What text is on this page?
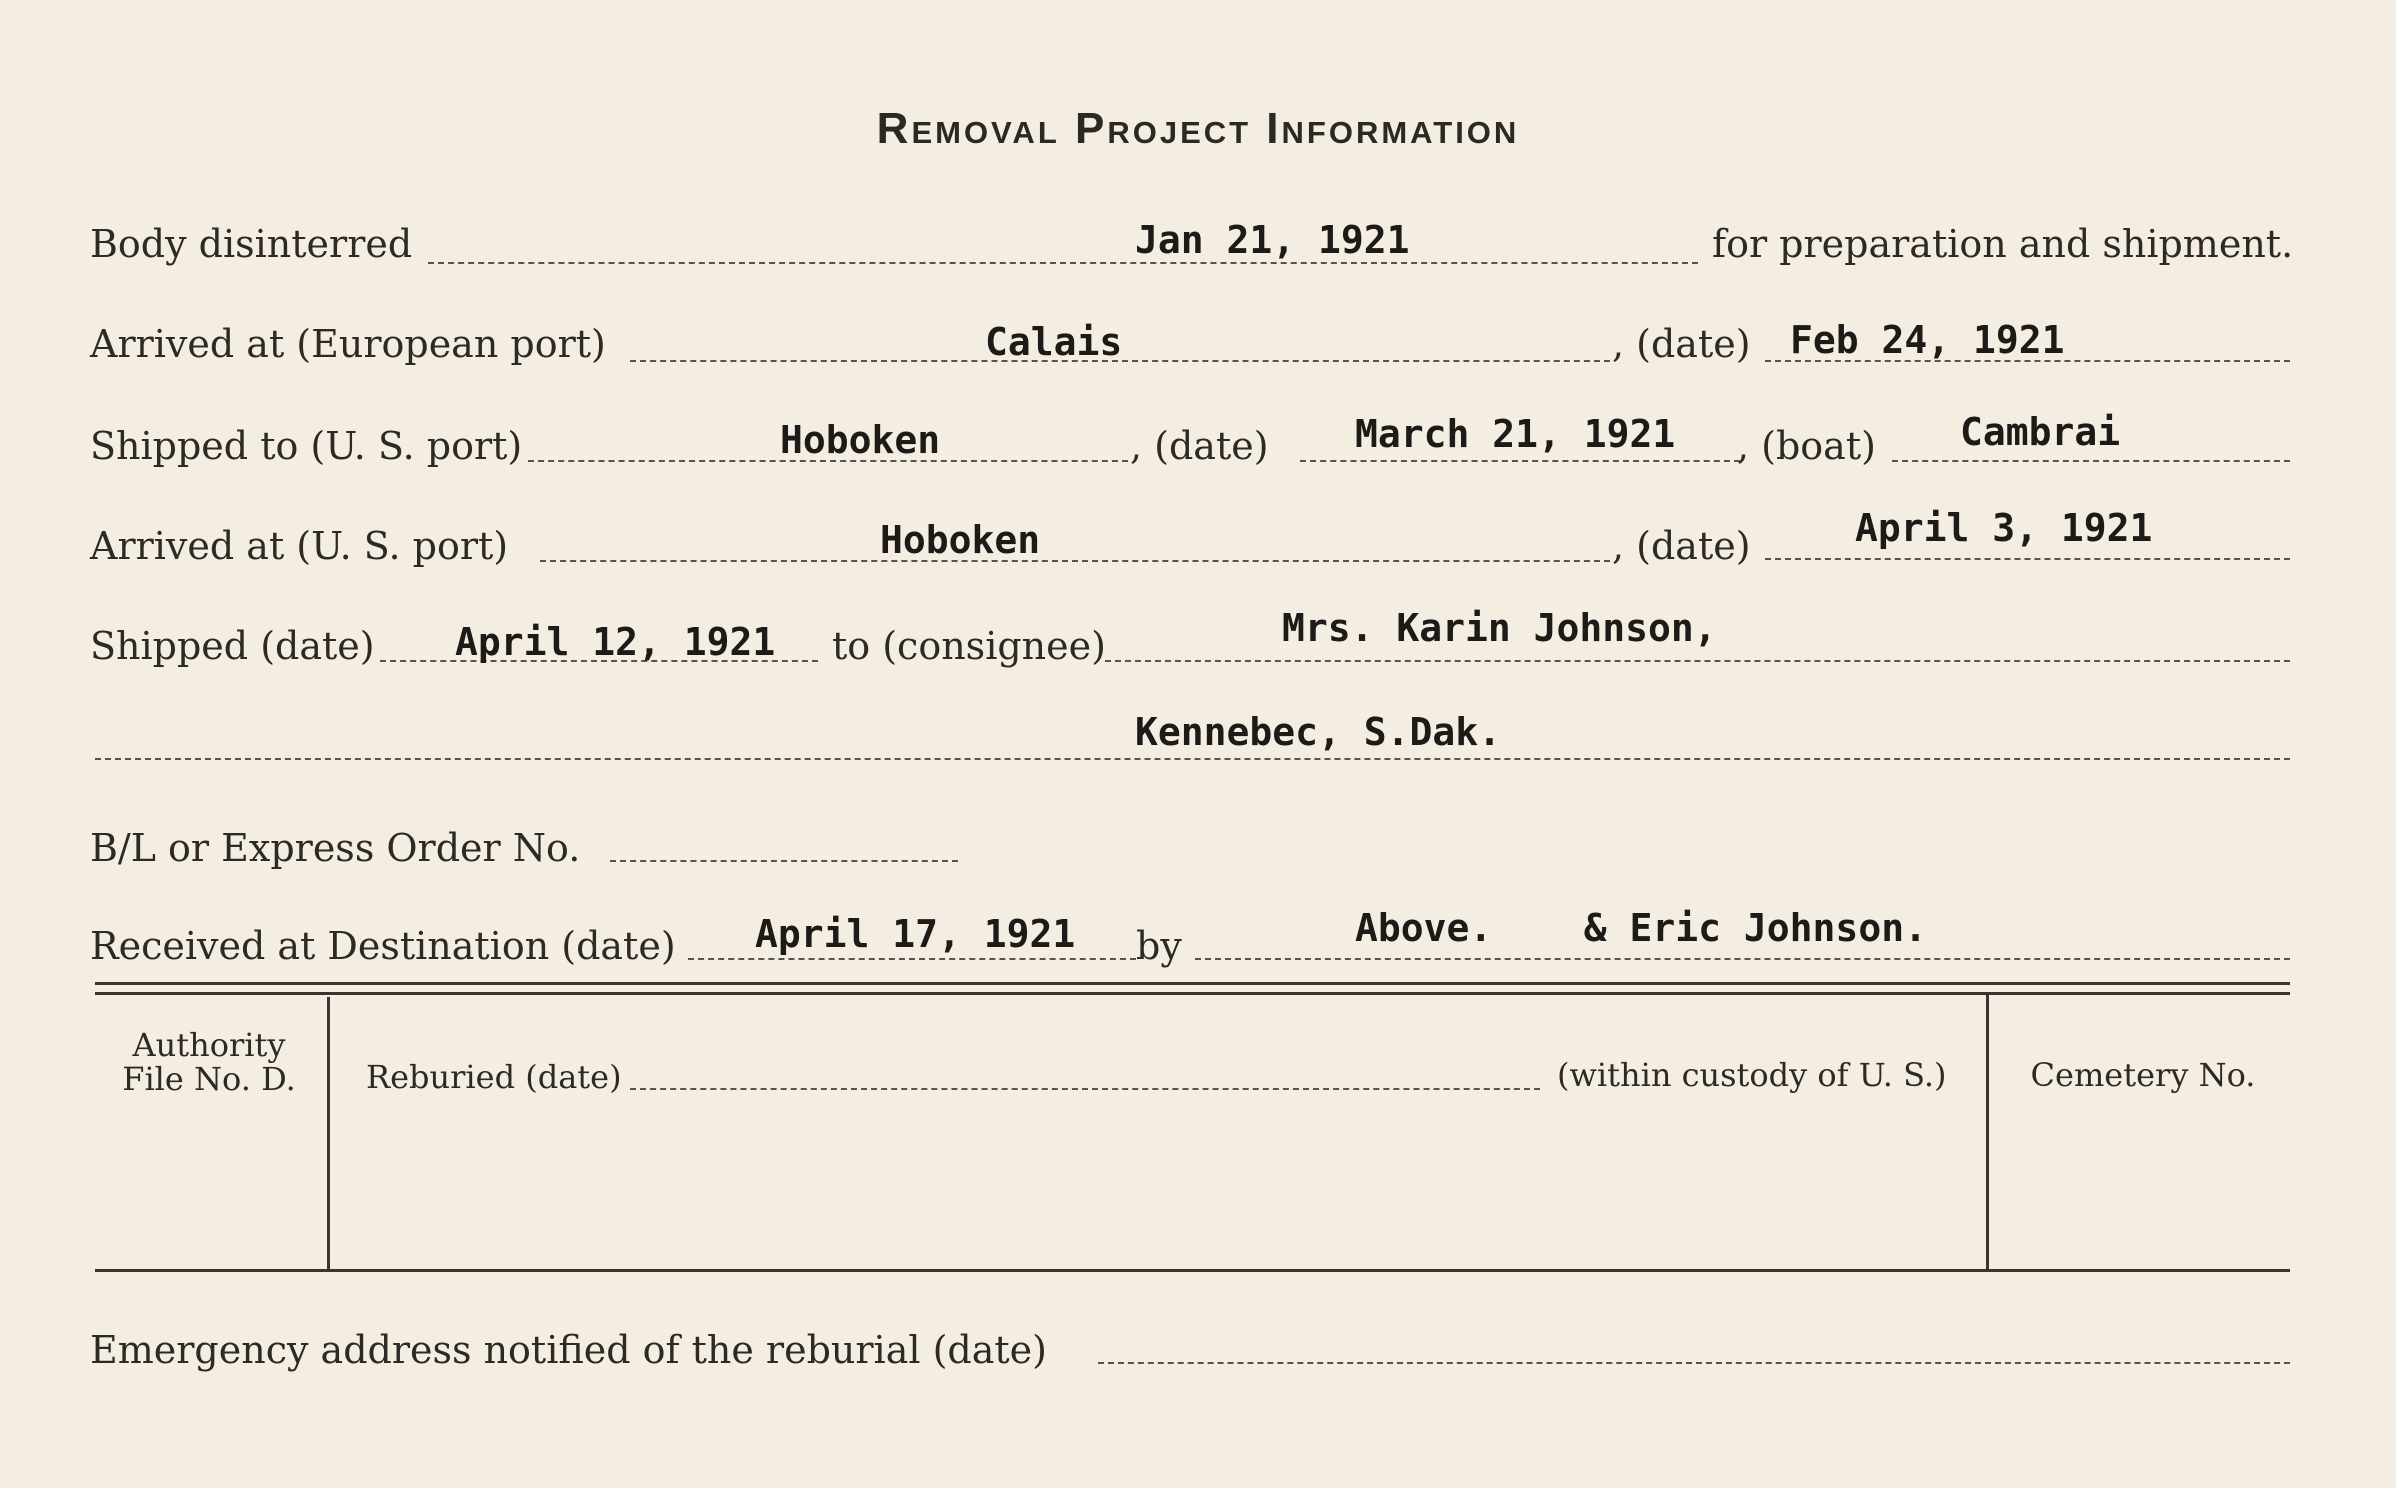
Removal Project Information
Body disinterred	Jan 21, 1921	for preparation and shipment.
Arrived at (European port)	Calais	, (date) Feb 24, 1921
Shipped to (U. S. port)	Hoboken	, (date) March 21, 1921 , (boat) Cambrai
Arrived at (U. S. port)	Hoboken	, (date)	April 3, 1921
Shipped (date) April 12, 1921 to (consignee)	Mrs. Karin Johnson,
Kennebec, S.Dak.
B/L or Express Order No.
Received at Destination (date) April 17, 1921 by	Above.    & Eric Johnson.
Authority
File No. D.	Reburied (date)	(within custody of U. S.)	Cemetery No.
Emergency address notified of the reburial (date)
